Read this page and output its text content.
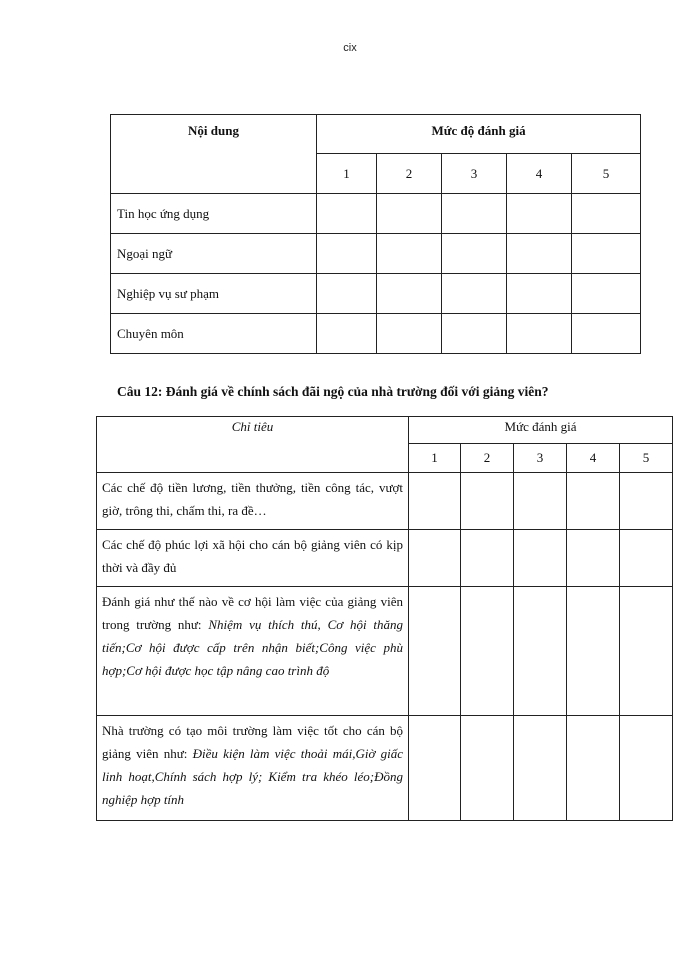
cix
Nội dung	Mức độ đánh giá				
	1	2	3	4	5
Tin học ứng dụng					
Ngoại ngữ					
Nghiệp vụ sư phạm					
Chuyên môn					
Câu 12: Đánh giá về chính sách đãi ngộ của nhà trường đối với giảng viên?
Chỉ tiêu	Mức đánh giá				
	1	2	3	4	5
Các chế độ tiền lương, tiền thưởng, tiền công tác, vượt giờ, trông thi, chấm thi, ra đề…					
Các chế độ phúc lợi xã hội cho cán bộ giảng viên có kịp thời và đầy đủ					
Đánh giá như thế nào về cơ hội làm việc của giảng viên trong trường như: Nhiệm vụ thích thú, Cơ hội thăng tiến;Cơ hội được cấp trên nhận biết;Công việc phù hợp;Cơ hội được học tập nâng cao trình độ					
Nhà trường có tạo môi trường làm việc tốt cho cán bộ giảng viên như: Điều kiện làm việc thoải mái,Giờ giấc linh hoạt,Chính sách hợp lý; Kiểm tra khéo léo;Đồng nghiệp hợp tính					
